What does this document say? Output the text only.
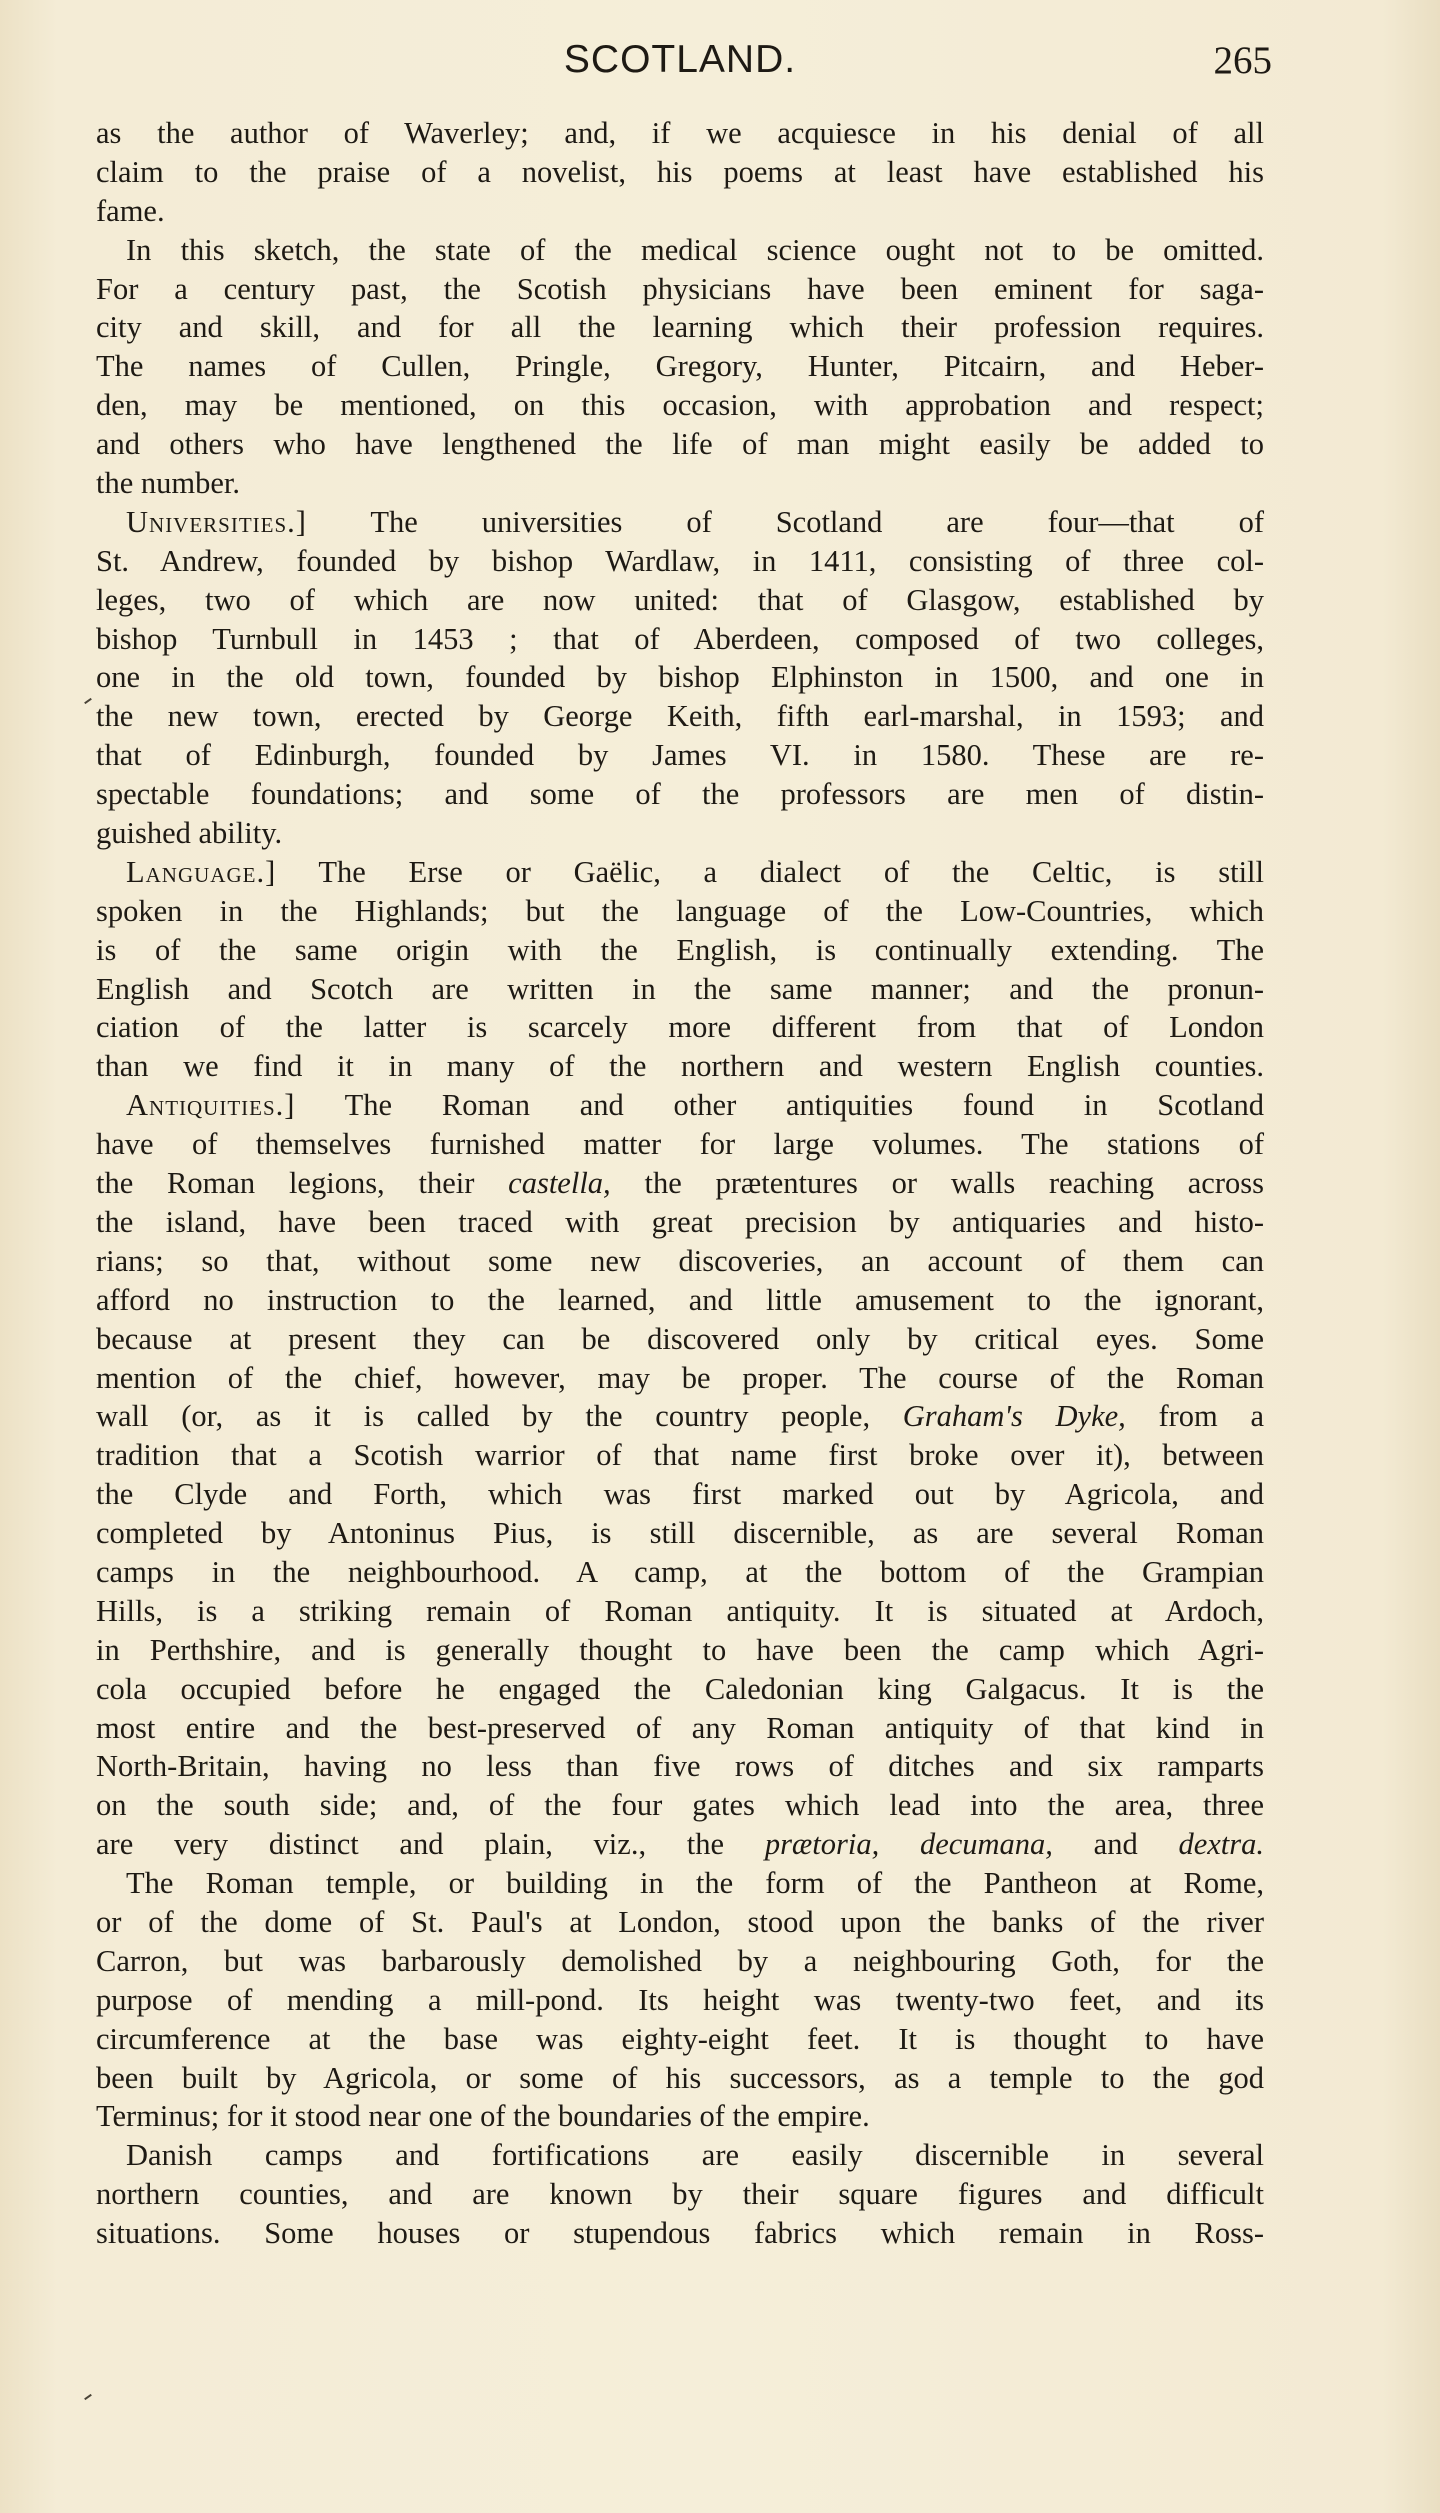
SCOTLAND.	265
as the author of Waverley; and, if we acquiesce in his denial of all
claim to the praise of a novelist, his poems at least have established his
fame.
In this sketch, the state of the medical science ought not to be omitted.
For a century past, the Scotish physicians have been eminent for saga-
city and skill, and for all the learning which their profession requires.
The names of Cullen, Pringle, Gregory, Hunter, Pitcairn, and Heber-
den, may be mentioned, on this occasion, with approbation and respect;
and others who have lengthened the life of man might easily be added to
the number.
Universities.] The universities of Scotland are four—that of
St. Andrew, founded by bishop Wardlaw, in 1411, consisting of three col-
leges, two of which are now united: that of Glasgow, established by
bishop Turnbull in 1453 ; that of Aberdeen, composed of two colleges,
one in the old town, founded by bishop Elphinston in 1500, and one in
the new town, erected by George Keith, fifth earl-marshal, in 1593; and
that of Edinburgh, founded by James VI. in 1580. These are re-
spectable foundations; and some of the professors are men of distin-
guished ability.
Language.] The Erse or Gaëlic, a dialect of the Celtic, is still
spoken in the Highlands; but the language of the Low-Countries, which
is of the same origin with the English, is continually extending. The
English and Scotch are written in the same manner; and the pronun-
ciation of the latter is scarcely more different from that of London
than we find it in many of the northern and western English counties.
Antiquities.] The Roman and other antiquities found in Scotland
have of themselves furnished matter for large volumes. The stations of
the Roman legions, their castella, the prætentures or walls reaching across
the island, have been traced with great precision by antiquaries and histo-
rians; so that, without some new discoveries, an account of them can
afford no instruction to the learned, and little amusement to the ignorant,
because at present they can be discovered only by critical eyes. Some
mention of the chief, however, may be proper. The course of the Roman
wall (or, as it is called by the country people, Graham's Dyke, from a
tradition that a Scotish warrior of that name first broke over it), between
the Clyde and Forth, which was first marked out by Agricola, and
completed by Antoninus Pius, is still discernible, as are several Roman
camps in the neighbourhood. A camp, at the bottom of the Grampian
Hills, is a striking remain of Roman antiquity. It is situated at Ardoch,
in Perthshire, and is generally thought to have been the camp which Agri-
cola occupied before he engaged the Caledonian king Galgacus. It is the
most entire and the best-preserved of any Roman antiquity of that kind in
North-Britain, having no less than five rows of ditches and six ramparts
on the south side; and, of the four gates which lead into the area, three
are very distinct and plain, viz., the prætoria, decumana, and dextra.
The Roman temple, or building in the form of the Pantheon at Rome,
or of the dome of St. Paul's at London, stood upon the banks of the river
Carron, but was barbarously demolished by a neighbouring Goth, for the
purpose of mending a mill-pond. Its height was twenty-two feet, and its
circumference at the base was eighty-eight feet. It is thought to have
been built by Agricola, or some of his successors, as a temple to the god
Terminus; for it stood near one of the boundaries of the empire.
Danish camps and fortifications are easily discernible in several
northern counties, and are known by their square figures and difficult
situations. Some houses or stupendous fabrics which remain in Ross-
